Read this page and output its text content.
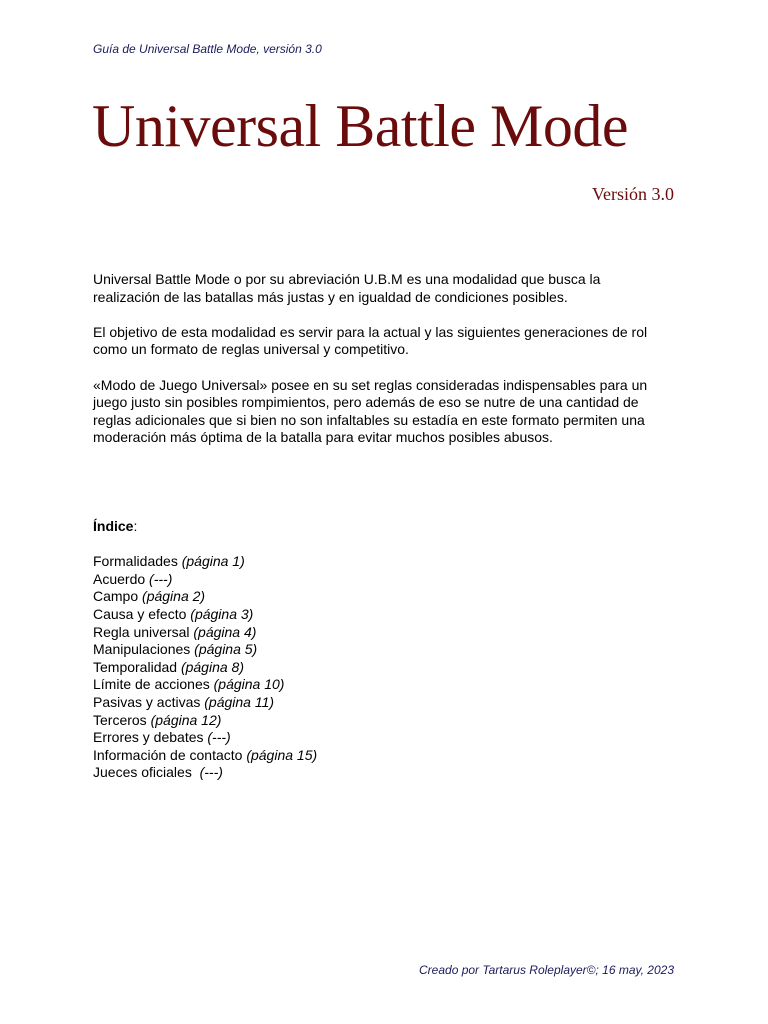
Guía de Universal Battle Mode, versión 3.0
Universal Battle Mode
Versión 3.0

Universal Battle Mode o por su abreviación U.B.M es una modalidad que busca la realización de las batallas más justas y en igualdad de condiciones posibles.

El objetivo de esta modalidad es servir para la actual y las siguientes generaciones de rol como un formato de reglas universal y competitivo.

«Modo de Juego Universal» posee en su set reglas consideradas indispensables para un juego justo sin posibles rompimientos, pero además de eso se nutre de una cantidad de reglas adicionales que si bien no son infaltables su estadía en este formato permiten una moderación más óptima de la batalla para evitar muchos posibles abusos.

Índice:
Formalidades (página 1)
Acuerdo (---)
Campo (página 2)
Causa y efecto (página 3)
Regla universal (página 4)
Manipulaciones (página 5)
Temporalidad (página 8)
Límite de acciones (página 10)
Pasivas y activas (página 11)
Terceros (página 12)
Errores y debates (---)
Información de contacto (página 15)
Jueces oficiales  (---)
Creado por Tartarus Roleplayer©; 16 may, 2023
